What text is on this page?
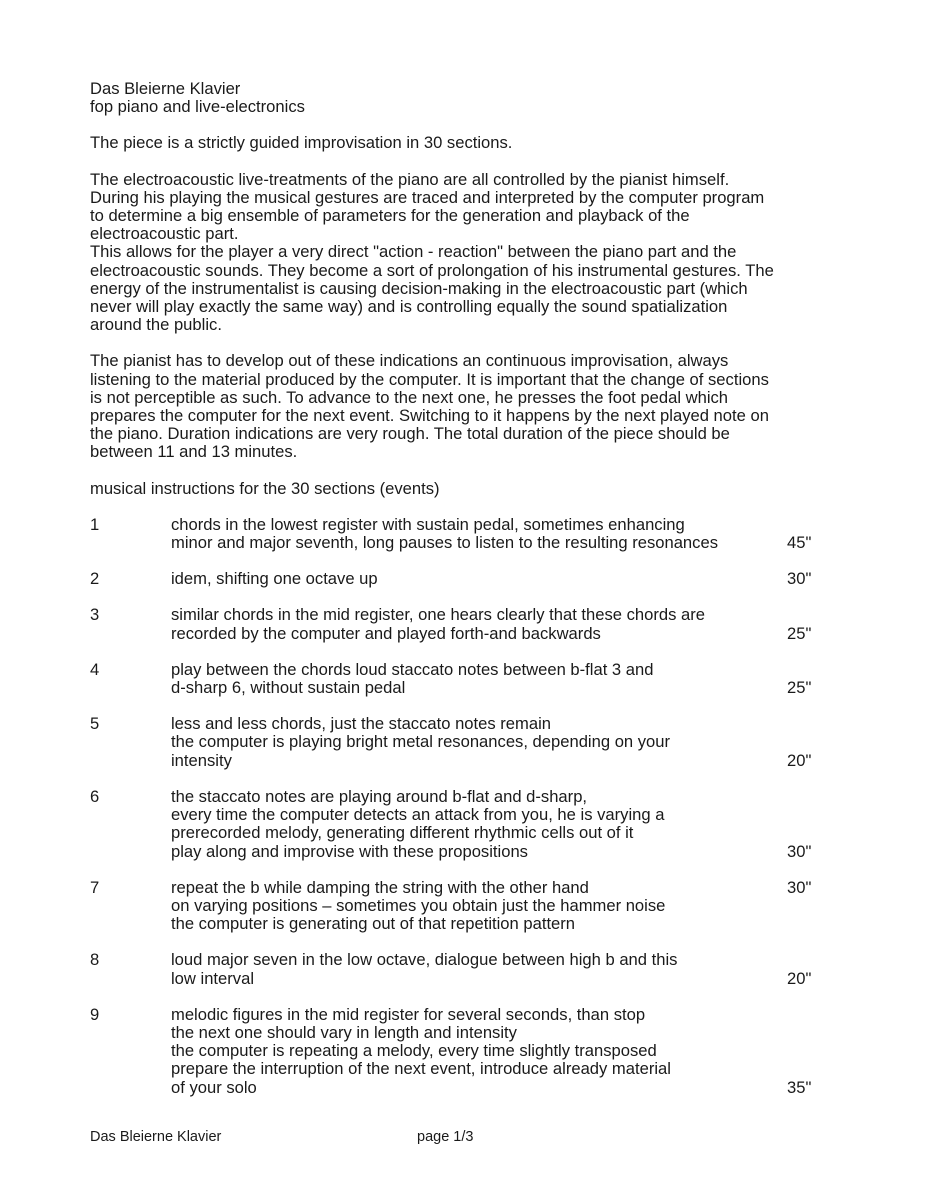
Das Bleierne Klavier
fop piano and live-electronics
The piece is a strictly guided improvisation in 30 sections.
The electroacoustic live-treatments of the piano are all controlled by the pianist himself.
During his playing the musical gestures are traced and interpreted by the computer program
to determine a big ensemble of parameters for the generation and playback of the
electroacoustic part.
This allows for the player a very direct "action - reaction" between the piano part and the
electroacoustic sounds. They become a sort of prolongation of his instrumental gestures. The
energy of the instrumentalist is causing decision-making in the electroacoustic part (which
never will play exactly the same way) and is controlling equally the sound spatialization
around the public.
The pianist has to develop out of these indications an continuous improvisation, always
listening to the material produced by the computer. It is important that the change of sections
is not perceptible as such. To advance to the next one, he presses the foot pedal which
prepares the computer for the next event. Switching to it happens by the next played note on
the piano. Duration indications are very rough. The total duration of the piece should be
between 11 and 13 minutes.
musical instructions for the 30 sections (events)
1	chords in the lowest register with sustain pedal, sometimes enhancing
minor and major seventh, long pauses to listen to the resulting resonances	45"
2	idem, shifting one octave up	30"
3	similar chords in the mid register, one hears clearly that these chords are
recorded by the computer and played forth-and backwards	25"
4	play between the chords loud staccato notes between b-flat 3 and
d-sharp 6, without sustain pedal	25"
5	less and less chords, just the staccato notes remain
the computer is playing bright metal resonances, depending on your
intensity	20"
6	the staccato notes are playing around b-flat and d-sharp,
every time the computer detects an attack from you, he is varying a
prerecorded melody, generating different rhythmic cells out of it
play along and improvise with these propositions	30"
7	repeat the b while damping the string with the other hand
on varying positions – sometimes you obtain just the hammer noise
the computer is generating out of that repetition pattern
30"
8	loud major seven in the low octave, dialogue between high b and this
low interval	20"
9	melodic figures in the mid register for several seconds, than stop
the next one should vary in length and intensity
the computer is repeating a melody, every time slightly transposed
prepare the interruption of the next event, introduce already material
of your solo	35"
Das Bleierne Klavier	page 1/3
